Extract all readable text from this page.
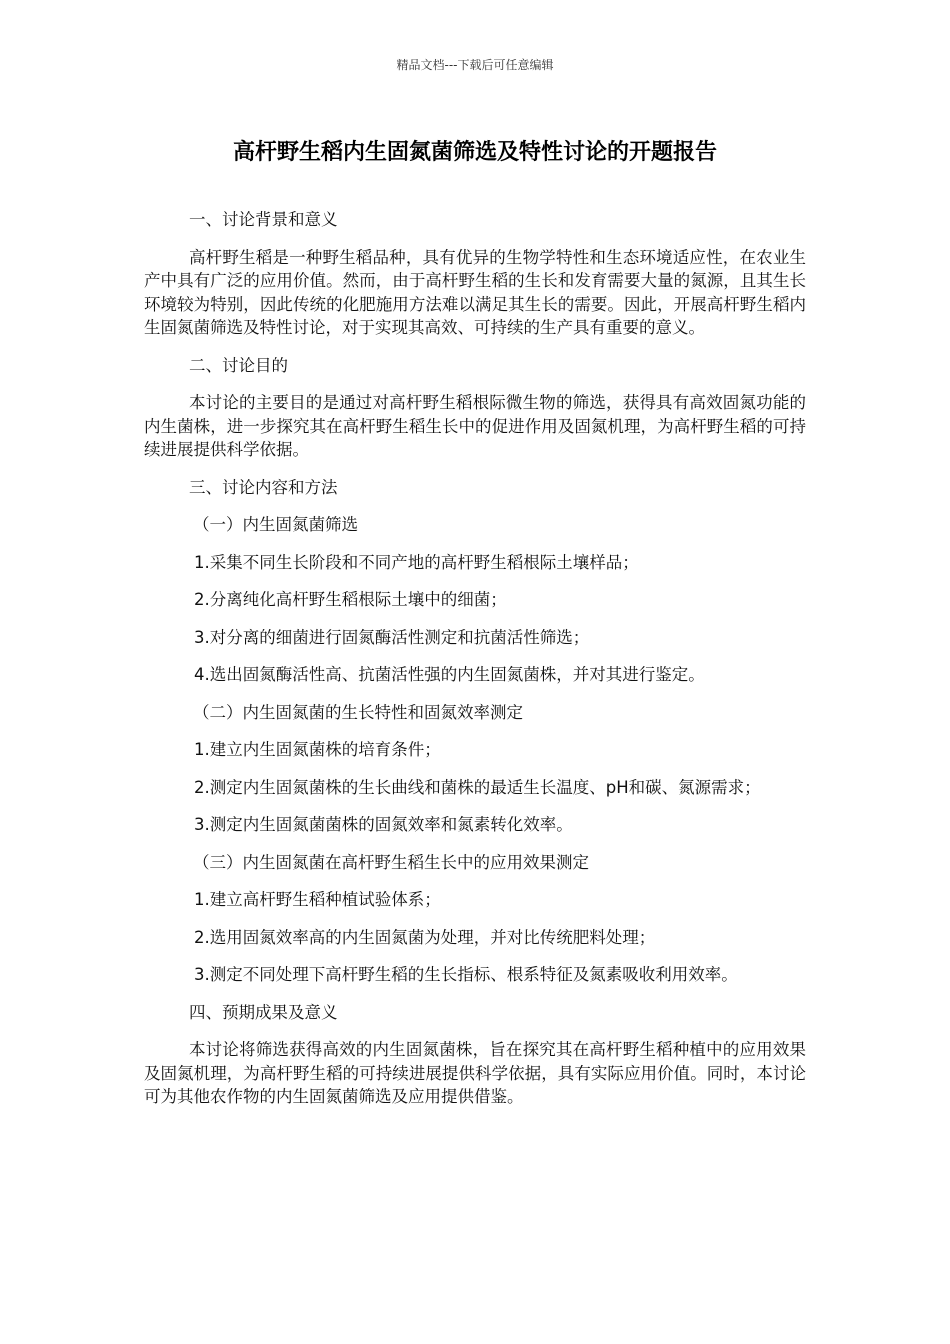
精品文档---下载后可任意编辑
高杆野生稻内生固氮菌筛选及特性讨论的开题报告
一、讨论背景和意义
高杆野生稻是一种野生稻品种，具有优异的生物学特性和生态环境适应性，在农业生产中具有广泛的应用价值。然而，由于高杆野生稻的生长和发育需要大量的氮源，且其生长环境较为特别，因此传统的化肥施用方法难以满足其生长的需要。因此，开展高杆野生稻内生固氮菌筛选及特性讨论，对于实现其高效、可持续的生产具有重要的意义。
二、讨论目的
本讨论的主要目的是通过对高杆野生稻根际微生物的筛选，获得具有高效固氮功能的内生菌株，进一步探究其在高杆野生稻生长中的促进作用及固氮机理，为高杆野生稻的可持续进展提供科学依据。
三、讨论内容和方法
（一）内生固氮菌筛选
1.采集不同生长阶段和不同产地的高杆野生稻根际土壤样品；
2.分离纯化高杆野生稻根际土壤中的细菌；
3.对分离的细菌进行固氮酶活性测定和抗菌活性筛选；
4.选出固氮酶活性高、抗菌活性强的内生固氮菌株，并对其进行鉴定。
（二）内生固氮菌的生长特性和固氮效率测定
1.建立内生固氮菌株的培育条件；
2.测定内生固氮菌株的生长曲线和菌株的最适生长温度、pH和碳、氮源需求；
3.测定内生固氮菌菌株的固氮效率和氮素转化效率。
（三）内生固氮菌在高杆野生稻生长中的应用效果测定
1.建立高杆野生稻种植试验体系；
2.选用固氮效率高的内生固氮菌为处理，并对比传统肥料处理；
3.测定不同处理下高杆野生稻的生长指标、根系特征及氮素吸收利用效率。
四、预期成果及意义
本讨论将筛选获得高效的内生固氮菌株，旨在探究其在高杆野生稻种植中的应用效果及固氮机理，为高杆野生稻的可持续进展提供科学依据，具有实际应用价值。同时，本讨论可为其他农作物的内生固氮菌筛选及应用提供借鉴。
